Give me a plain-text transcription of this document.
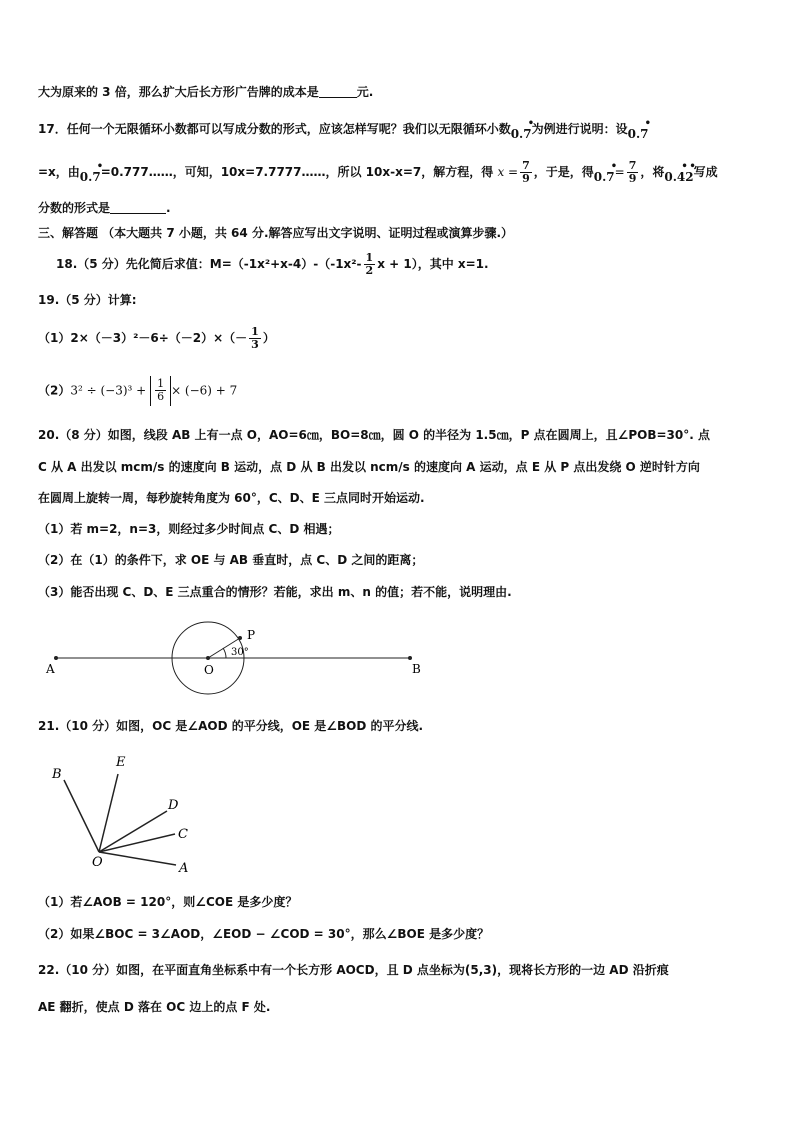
大为原来的 3 倍，那么扩大后长方形广告牌的成本是	元.
17．任何一个无限循环小数都可以写成分数的形式，应该怎样写呢？我们以无限循环小数0.7
•
为例进行说明：设0.7
•
=x，由0.7
•
=0.777……，可知，10x=7.7777……，所以 10x-x=7，解方程，得 $x = \frac{7}{9}$ ，于是，得0.7
•
= $\frac{7}{9}$ ，将0.42
• •
写成
分数的形式是	.
三、解答题 （本大题共 7 小题，共 64 分.解答应写出文字说明、证明过程或演算步骤.）
18.（5 分）先化简后求值：$M=(-1x^2+x-4)-(-1x^2- \frac{1}{2}$ x + 1），其中 x=1.
19.（5 分）计算:
$(1)2\times(-3)^2-6\div(-2)\times(- \frac{1}{3}$ ）
$(2)3^2 \div (-3)^3 + \frac{1}{6} \times (-6) + 7$
20.（8 分）如图，线段 AB 上有一点 O，AO=6㎝，BO=8㎝，圆 O 的半径为 1.5㎝，P 点在圆周上，且∠POB=30°. 点
C 从 A 出发以 mcm/s 的速度向 B 运动，点 D 从 B 出发以 ncm/s 的速度向 A 运动，点 E 从 P 点出发绕 O 逆时针方向
在圆周上旋转一周，每秒旋转角度为 60°，C、D、E 三点同时开始运动.
（1）若 m=2，n=3，则经过多少时间点 C、D 相遇；
（2）在（1）的条件下，求 OE 与 AB 垂直时，点 C、D 之间的距离；
（3）能否出现 C、D、E 三点重合的情形？若能，求出 m、n 的值；若不能，说明理由.
A	B
O
P
30°
21.（10 分）如图，OC 是∠AOD 的平分线，OE 是∠BOD 的平分线.
B
E
D
C
A
O
（1）若∠AOB = 120°，则∠COE 是多少度？
（2）如果∠BOC = 3∠AOD，∠EOD − ∠COD = 30°，那么∠BOE 是多少度？
22.（10 分）如图，在平面直角坐标系中有一个长方形 AOCD，且 D 点坐标为(5,3)，现将长方形的一边 AD 沿折痕
AE 翻折，使点 D 落在 OC 边上的点 F 处.
